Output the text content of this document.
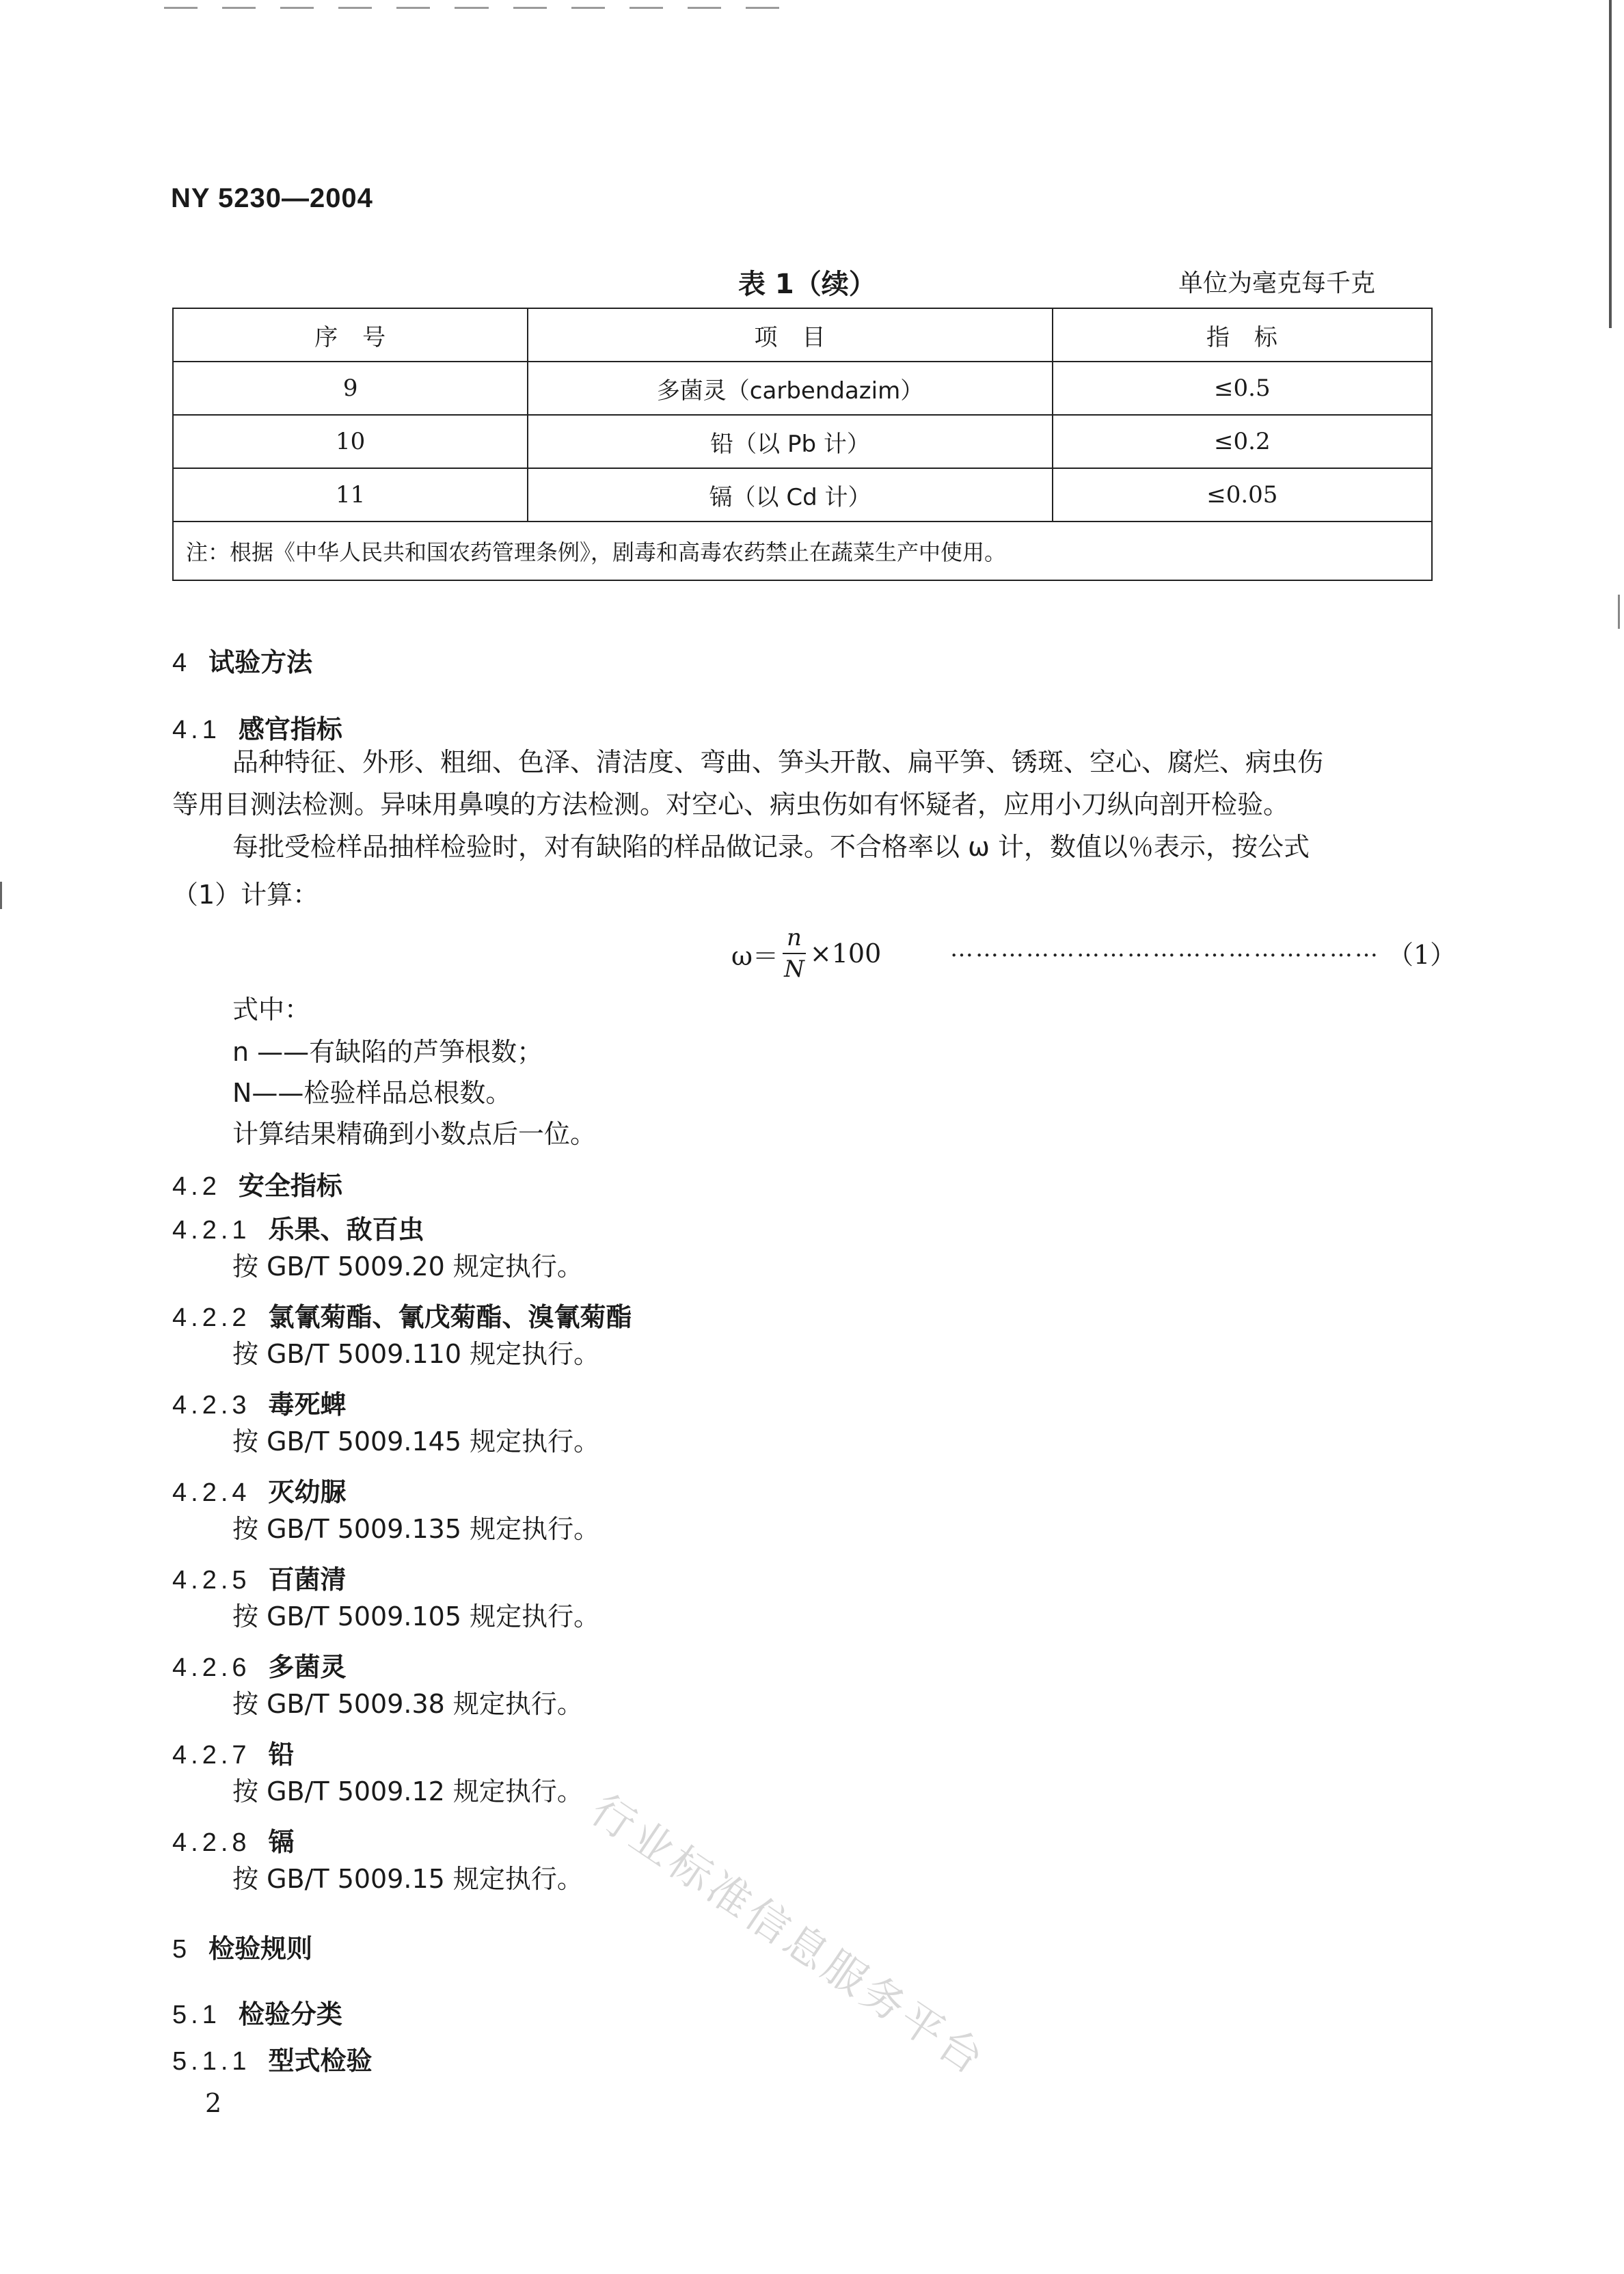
NY 5230—2004
表 1（续）	单位为毫克每千克
序　号	项　目	指　标
9	多菌灵（carbendazim）	≤0.5
10	铅（以 Pb 计）	≤0.2
11	镉（以 Cd 计）	≤0.05
注：根据《中华人民共和国农药管理条例》，剧毒和高毒农药禁止在蔬菜生产中使用。		
4 试验方法
4.1 感官指标
品种特征、外形、粗细、色泽、清洁度、弯曲、笋头开散、扁平笋、锈斑、空心、腐烂、病虫伤
等用目测法检测。异味用鼻嗅的方法检测。对空心、病虫伤如有怀疑者，应用小刀纵向剖开检验。
每批受检样品抽样检验时，对有缺陷的样品做记录。不合格率以 ω 计，数值以％表示，按公式
（1）计算：
$\omega= \frac{n}{N} \times 100$	…………………………………………… （1）
式中：
n ——有缺陷的芦笋根数；
N——检验样品总根数。
计算结果精确到小数点后一位。
4.2 安全指标
4.2.1 乐果、敌百虫
按 GB/T 5009.20 规定执行。
4.2.2 氯氰菊酯、氰戊菊酯、溴氰菊酯
按 GB/T 5009.110 规定执行。
4.2.3 毒死蜱
按 GB/T 5009.145 规定执行。
4.2.4 灭幼脲
按 GB/T 5009.135 规定执行。
4.2.5 百菌清
按 GB/T 5009.105 规定执行。
4.2.6 多菌灵
按 GB/T 5009.38 规定执行。
4.2.7 铅
按 GB/T 5009.12 规定执行。
4.2.8 镉
按 GB/T 5009.15 规定执行。
5 检验规则
5.1 检验分类
5.1.1 型式检验	行业标准信息服务平台
2
